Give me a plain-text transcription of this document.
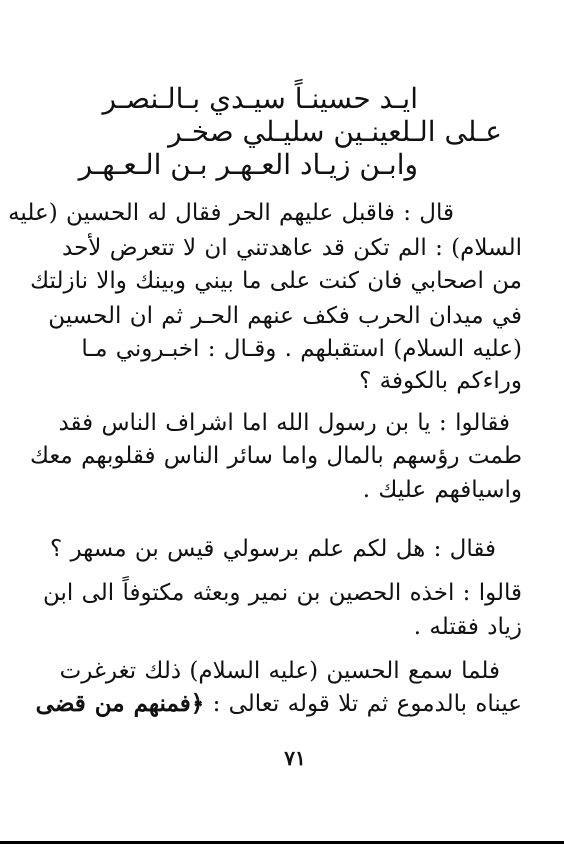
ايـد حسينـاً سيـدي بـالـنصـر
عـلى الـلعينـين سليـلي صخـر
وابـن زيـاد العـهـر بـن الـعـهـر
قال : فاقبل عليهم الحر فقال له الحسين (عليه
السلام) : الم تكن قد عاهدتني ان لا تتعرض لأحد
من اصحابي فان كنت على ما بيني وبينك والا نازلتك
في ميدان الحرب فكف عنهم الحـر ثم ان الحسين
(عليه السلام) استقبلهم . وقـال : اخبـروني مـا
وراءكم بالكوفة ؟
فقالوا : يا بن رسول الله اما اشراف الناس فقد
طمت رؤسهم بالمال واما سائر الناس فقلوبهم معك
واسيافهم عليك .
فقال : هل لكم علم برسولي قيس بن مسهر ؟
قالوا : اخذه الحصين بن نمير وبعثه مكتوفاً الى ابن
زياد فقتله .
فلما سمع الحسين (عليه السلام) ذلك تغرغرت
عيناه بالدموع ثم تلا قوله تعالى : ﴿فمنهم من قضى
٧١
